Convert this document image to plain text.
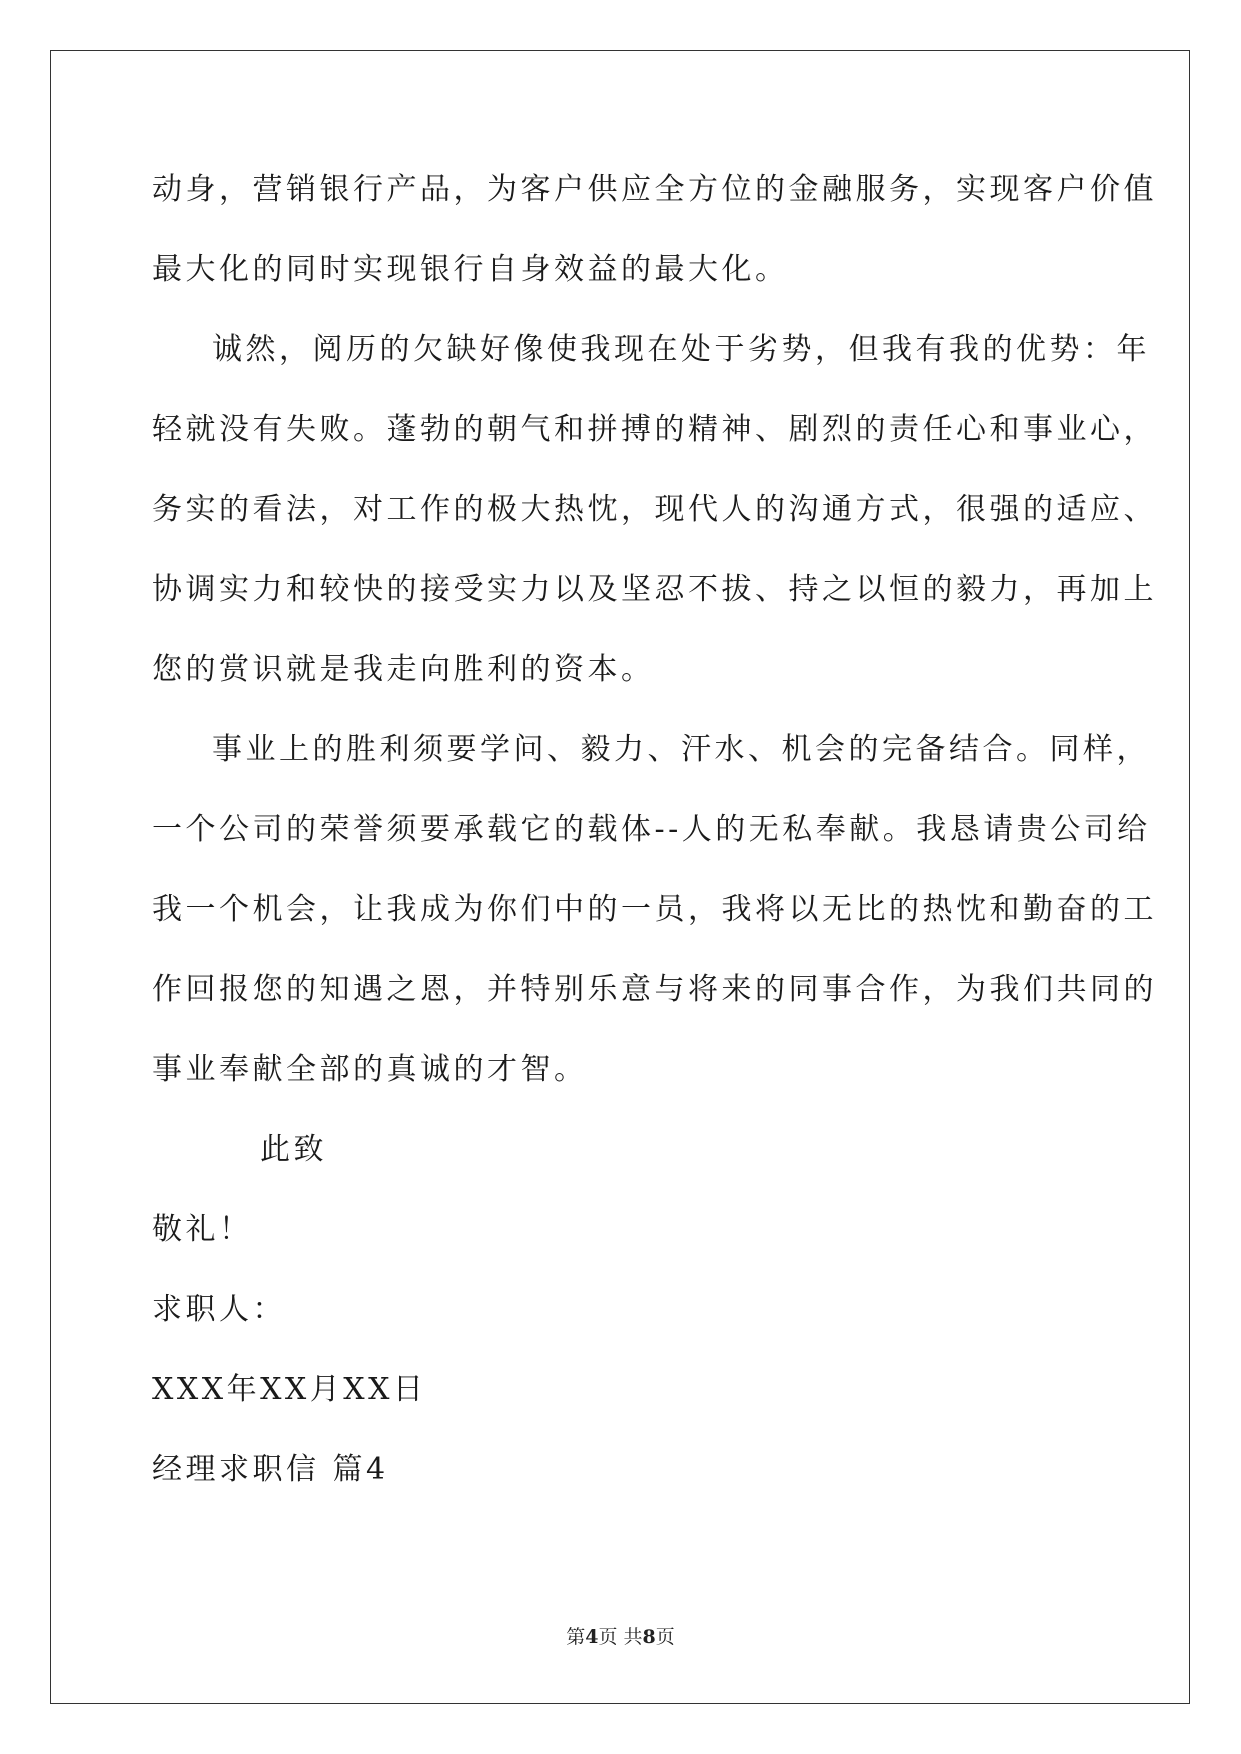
动身，营销银行产品，为客户供应全方位的金融服务，实现客户价值
最大化的同时实现银行自身效益的最大化。
诚然，阅历的欠缺好像使我现在处于劣势，但我有我的优势：年
轻就没有失败。蓬勃的朝气和拼搏的精神、剧烈的责任心和事业心，
务实的看法，对工作的极大热忱，现代人的沟通方式，很强的适应、
协调实力和较快的接受实力以及坚忍不拔、持之以恒的毅力，再加上
您的赏识就是我走向胜利的资本。
事业上的胜利须要学问、毅力、汗水、机会的完备结合。同样，
一个公司的荣誉须要承载它的载体--人的无私奉献。我恳请贵公司给
我一个机会，让我成为你们中的一员，我将以无比的热忱和勤奋的工
作回报您的知遇之恩，并特别乐意与将来的同事合作，为我们共同的
事业奉献全部的真诚的才智。
此致
敬礼！
求职人：
XXX年XX月XX日
经理求职信 篇4
第4页 共8页
